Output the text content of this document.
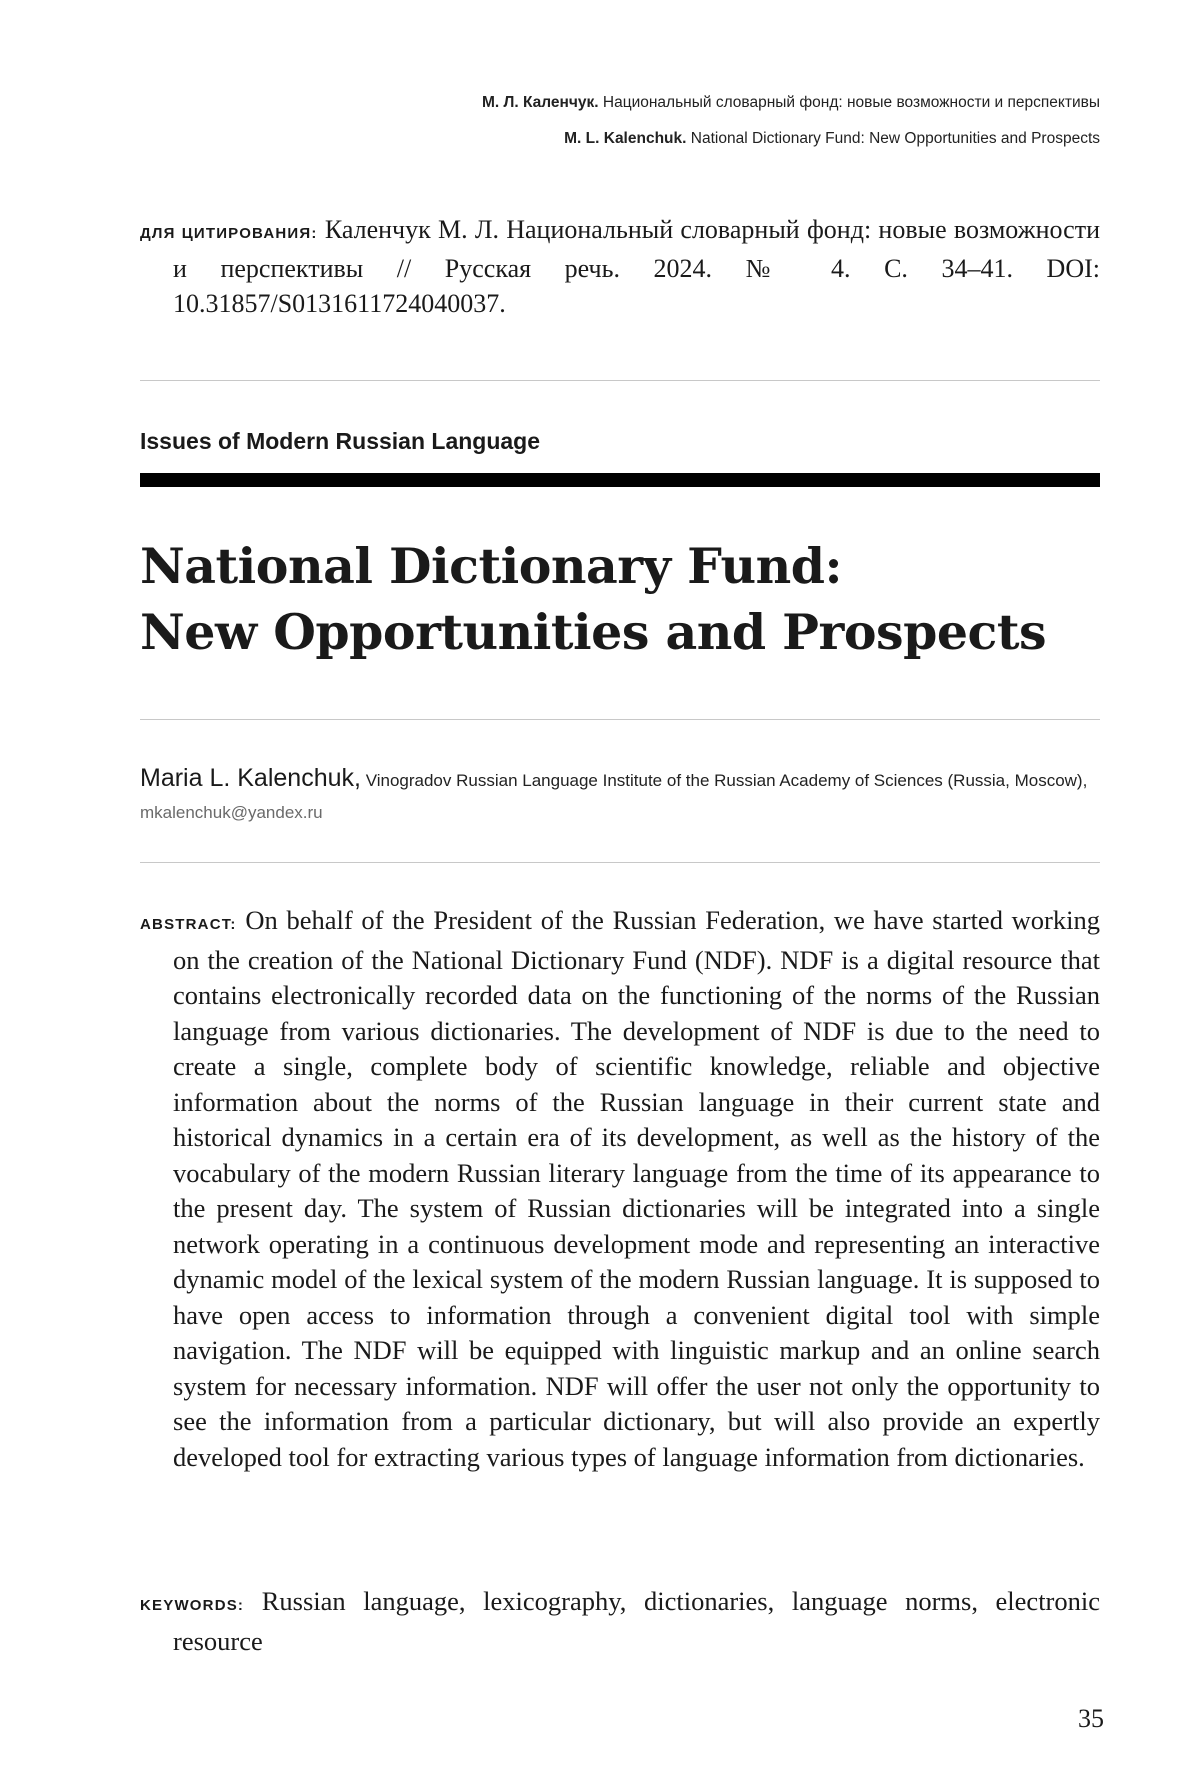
М. Л. Каленчук. Национальный словарный фонд: новые возможности и перспективы
M. L. Kalenchuk. National Dictionary Fund: New Opportunities and Prospects
ДЛЯ ЦИТИРОВАНИЯ: Каленчук М. Л. Национальный словарный фонд: новые возможности и перспективы // Русская речь. 2024. № 4. С. 34–41. DOI: 10.31857/S0131611724040037.
Issues of Modern Russian Language
National Dictionary Fund:
New Opportunities and Prospects
Maria L. Kalenchuk, Vinogradov Russian Language Institute of the Russian Academy of Sciences (Russia, Moscow), mkalenchuk@yandex.ru
ABSTRACT: On behalf of the President of the Russian Federation, we have started working on the creation of the National Dictionary Fund (NDF). NDF is a digital resource that contains electronically recorded data on the functioning of the norms of the Russian language from various dictionaries. The development of NDF is due to the need to create a single, complete body of scientific knowledge, reliable and objective information about the norms of the Russian language in their current state and historical dynamics in a certain era of its development, as well as the history of the vocabulary of the modern Russian literary language from the time of its appearance to the present day. The system of Russian dictionaries will be integrated into a single network operating in a continuous development mode and representing an interactive dynamic model of the lexical system of the modern Russian language. It is supposed to have open access to information through a convenient digital tool with simple navigation. The NDF will be equipped with linguistic markup and an online search system for necessary information. NDF will offer the user not only the opportunity to see the information from a particular dictionary, but will also provide an expertly developed tool for extracting various types of language information from dictionaries.
KEYWORDS: Russian language, lexicography, dictionaries, language norms, electronic resource
35
